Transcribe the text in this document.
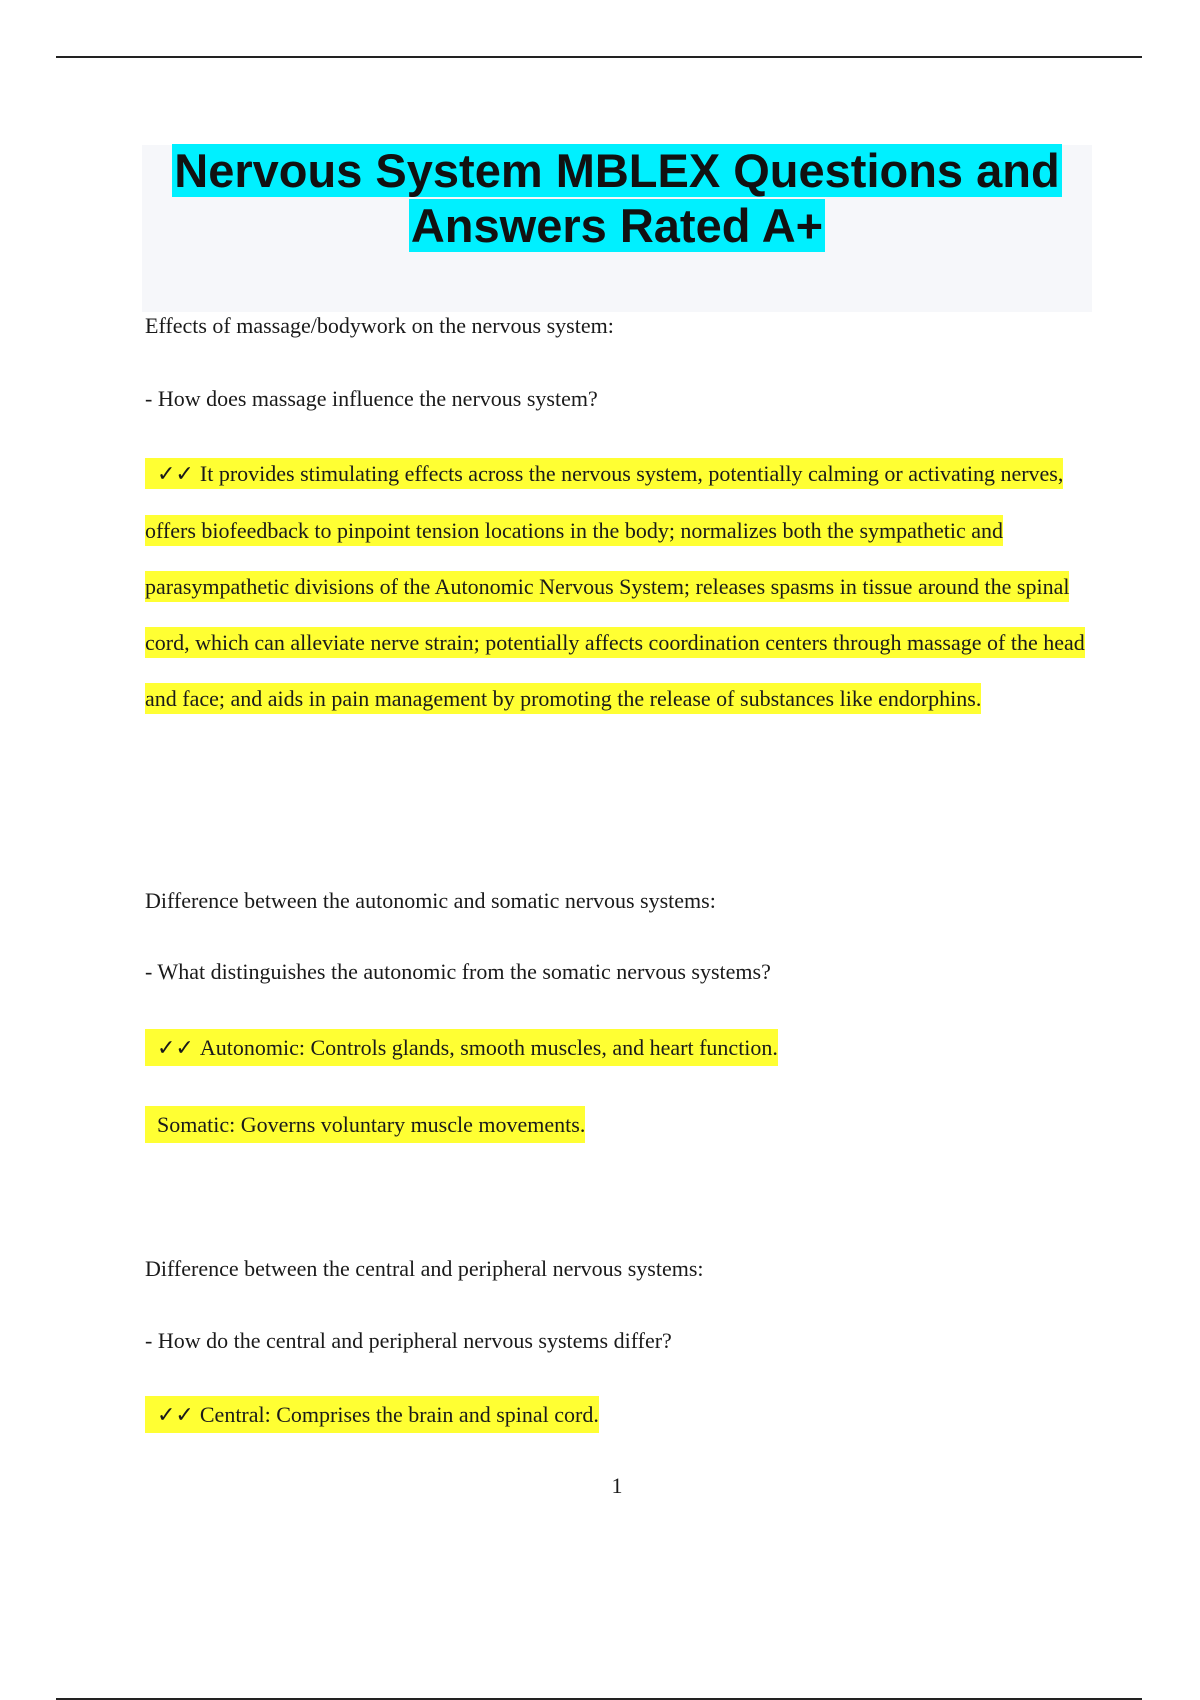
Nervous System MBLEX Questions and Answers Rated A+

Effects of massage/bodywork on the nervous system:

- How does massage influence the nervous system?

✓✓ It provides stimulating effects across the nervous system, potentially calming or activating nerves, offers biofeedback to pinpoint tension locations in the body; normalizes both the sympathetic and parasympathetic divisions of the Autonomic Nervous System; releases spasms in tissue around the spinal cord, which can alleviate nerve strain; potentially affects coordination centers through massage of the head and face; and aids in pain management by promoting the release of substances like endorphins.

Difference between the autonomic and somatic nervous systems:

- What distinguishes the autonomic from the somatic nervous systems?

✓✓ Autonomic: Controls glands, smooth muscles, and heart function.

Somatic: Governs voluntary muscle movements.

Difference between the central and peripheral nervous systems:

- How do the central and peripheral nervous systems differ?

✓✓ Central: Comprises the brain and spinal cord.

1
